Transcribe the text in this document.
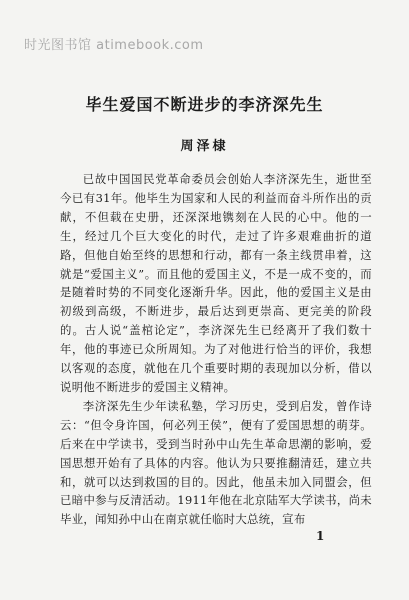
时光图书馆 atimebook.com
毕生爱国不断进步的李济深先生
周泽棣

已故中国国民党革命委员会创始人李济深先生，逝世至今已有31年。他毕生为国家和人民的利益而奋斗所作出的贡献，不但载在史册，还深深地镌刻在人民的心中。他的一生，经过几个巨大变化的时代，走过了许多艰难曲折的道路，但他自始至终的思想和行动，都有一条主线贯串着，这就是“爱国主义”。而且他的爱国主义，不是一成不变的，而是随着时势的不同变化逐渐升华。因此，他的爱国主义是由初级到高级，不断进步，最后达到更崇高、更完美的阶段的。古人说“盖棺论定”，李济深先生已经离开了我们数十年，他的事迹已众所周知。为了对他进行恰当的评价，我想以客观的态度，就他在几个重要时期的表现加以分析，借以说明他不断进步的爱国主义精神。

李济深先生少年读私塾，学习历史，受到启发，曾作诗云：“但令身许国，何必列王侯”，便有了爱国思想的萌芽。后来在中学读书，受到当时孙中山先生革命思潮的影响，爱国思想开始有了具体的内容。他认为只要推翻清廷，建立共和，就可以达到救国的目的。因此，他虽未加入同盟会，但已暗中参与反清活动。1911年他在北京陆军大学读书，尚未毕业，闻知孙中山在南京就任临时大总统，宣布

1
